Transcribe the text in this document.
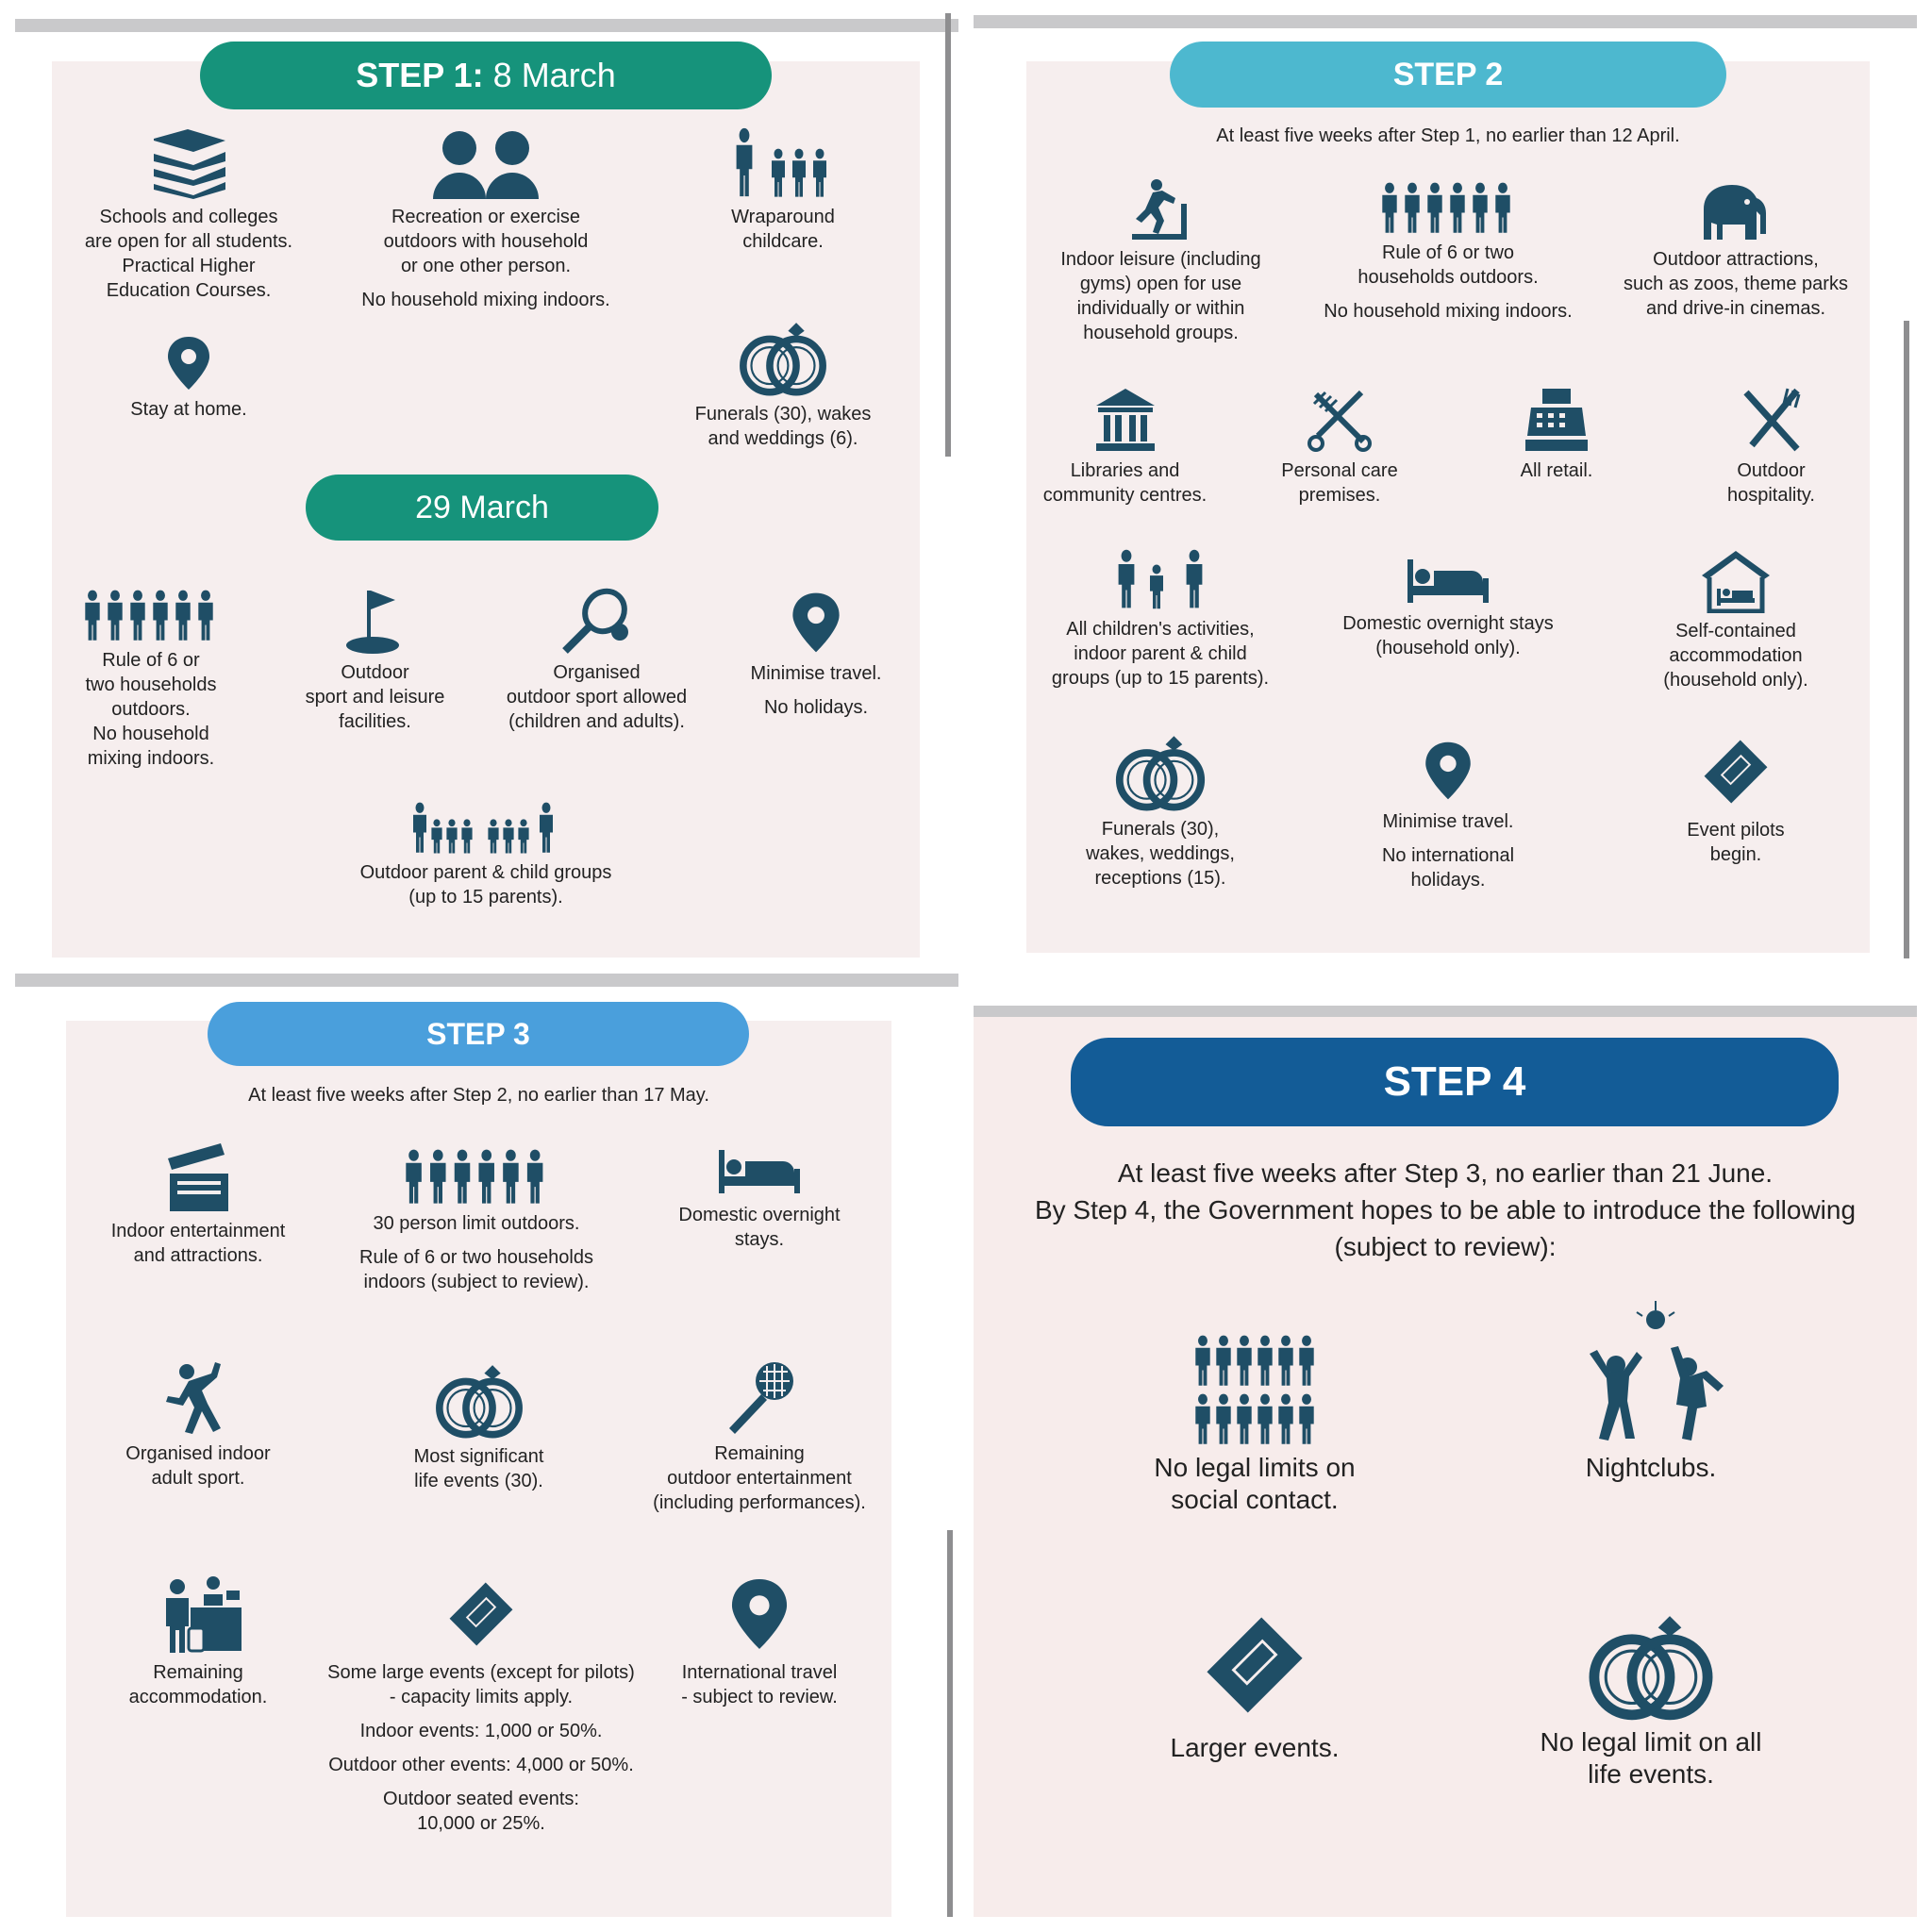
STEP 1: 8 March
Schools and colleges
are open for all students.
Practical Higher
Education Courses.
Recreation or exercise
outdoors with household
or one other person.
No household mixing indoors.
Wraparound
childcare.
Stay at home.	Funerals (30), wakes
and weddings (6).
29 March
Rule of 6 or
two households
outdoors.
No household
mixing indoors.
Outdoor
sport and leisure
facilities.
Organised
outdoor sport allowed
(children and adults).
Minimise travel.
No holidays.
Outdoor parent & child groups
(up to 15 parents).
STEP 2
At least five weeks after Step 1, no earlier than 12 April.
Indoor leisure (including
gyms) open for use
individually or within
household groups.
Rule of 6 or two
households outdoors.
No household mixing indoors.
Outdoor attractions,
such as zoos, theme parks
and drive-in cinemas.
Libraries and
community centres.
Personal care
premises.
All retail.	Outdoor
hospitality.
All children's activities,
indoor parent & child
groups (up to 15 parents).
Domestic overnight stays
(household only).
Self-contained
accommodation
(household only).
Funerals (30),
wakes, weddings,
receptions (15).
Minimise travel.
No international holidays.
Event pilots
begin.
STEP 3
At least five weeks after Step 2, no earlier than 17 May.
Indoor entertainment
and attractions.
30 person limit outdoors.
Rule of 6 or two households indoors (subject to review).
Domestic overnight
stays.
Organised indoor
adult sport.
Most significant
life events (30).
Remaining
outdoor entertainment
(including performances).
Remaining
accommodation.
Some large events (except for pilots)
- capacity limits apply.
Indoor events: 1,000 or 50%.
Outdoor other events: 4,000 or 50%.
Outdoor seated events:
10,000 or 25%.
International travel
- subject to review.
STEP 4
At least five weeks after Step 3, no earlier than 21 June.
By Step 4, the Government hopes to be able to introduce the following
(subject to review):
No legal limits on
social contact.
Nightclubs.
Larger events.	No legal limit on all
life events.
